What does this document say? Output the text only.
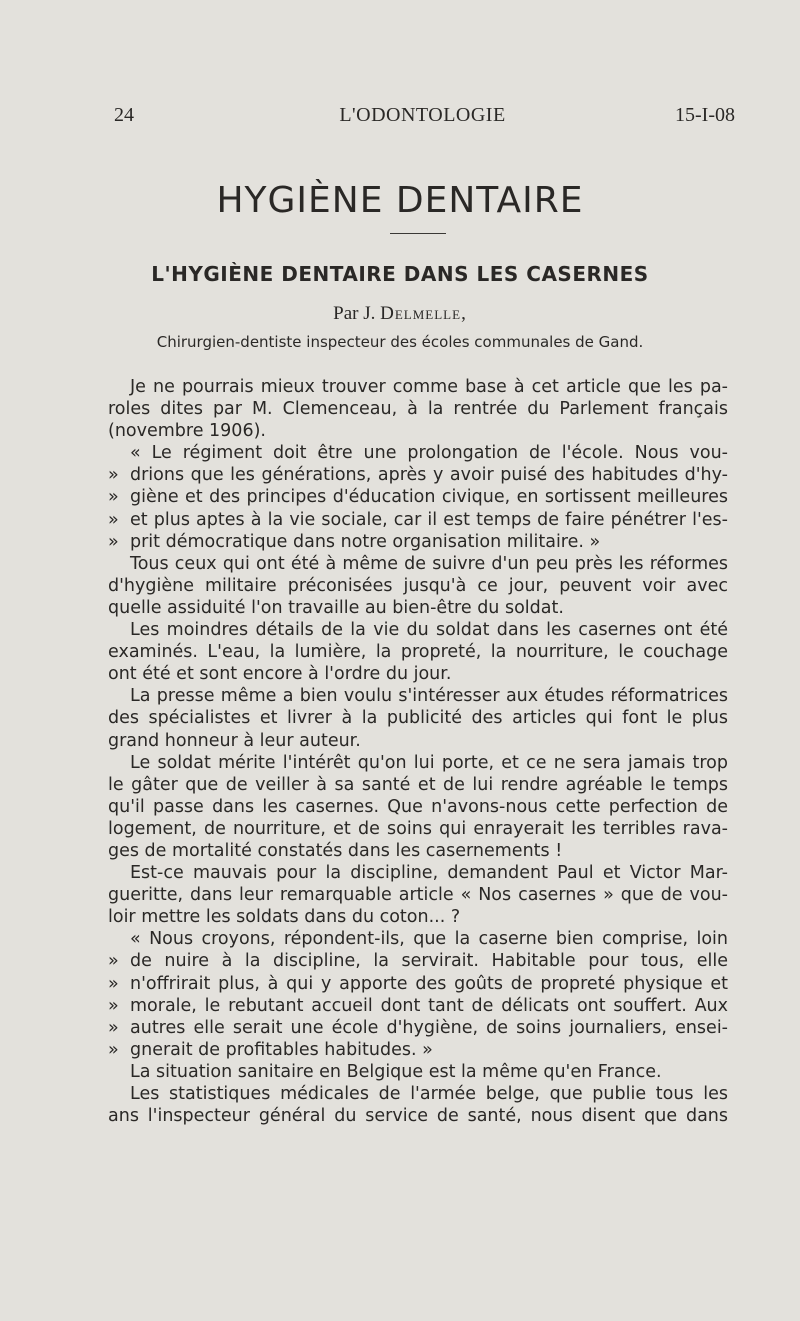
24	L'ODONTOLOGIE	15-I-08
HYGIÈNE DENTAIRE
L'HYGIÈNE DENTAIRE DANS LES CASERNES
Par J. Delmelle,
Chirurgien-dentiste inspecteur des écoles communales de Gand.
Je ne pourrais mieux trouver comme base à cet article que les pa-
roles dites par M. Clemenceau, à la rentrée du Parlement français
(novembre 1906).
« Le régiment doit être une prolongation de l'école. Nous vou-
» drions que les générations, après y avoir puisé des habitudes d'hy-
» giène et des principes d'éducation civique, en sortissent meilleures
» et plus aptes à la vie sociale, car il est temps de faire pénétrer l'es-
» prit démocratique dans notre organisation militaire. »
Tous ceux qui ont été à même de suivre d'un peu près les réformes
d'hygiène militaire préconisées jusqu'à ce jour, peuvent voir avec
quelle assiduité l'on travaille au bien-être du soldat.
Les moindres détails de la vie du soldat dans les casernes ont été
examinés. L'eau, la lumière, la propreté, la nourriture, le couchage
ont été et sont encore à l'ordre du jour.
La presse même a bien voulu s'intéresser aux études réformatrices
des spécialistes et livrer à la publicité des articles qui font le plus
grand honneur à leur auteur.
Le soldat mérite l'intérêt qu'on lui porte, et ce ne sera jamais trop
le gâter que de veiller à sa santé et de lui rendre agréable le temps
qu'il passe dans les casernes. Que n'avons-nous cette perfection de
logement, de nourriture, et de soins qui enrayerait les terribles rava-
ges de mortalité constatés dans les casernements !
Est-ce mauvais pour la discipline, demandent Paul et Victor Mar-
gueritte, dans leur remarquable article « Nos casernes » que de vou-
loir mettre les soldats dans du coton... ?
« Nous croyons, répondent-ils, que la caserne bien comprise, loin
» de nuire à la discipline, la servirait. Habitable pour tous, elle
» n'offrirait plus, à qui y apporte des goûts de propreté physique et
» morale, le rebutant accueil dont tant de délicats ont souffert. Aux
» autres elle serait une école d'hygiène, de soins journaliers, ensei-
» gnerait de profitables habitudes. »
La situation sanitaire en Belgique est la même qu'en France.
Les statistiques médicales de l'armée belge, que publie tous les
ans l'inspecteur général du service de santé, nous disent que dans
